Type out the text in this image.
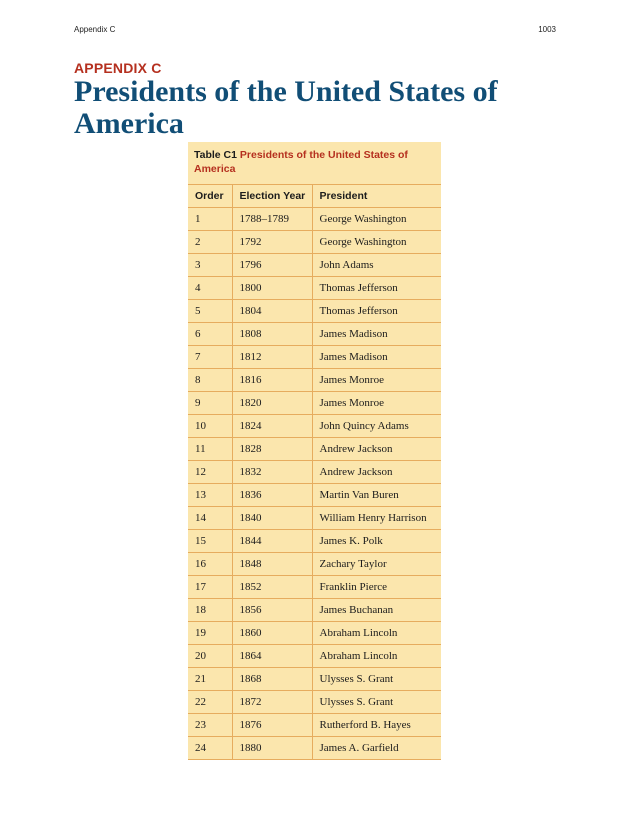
Appendix C	1003
APPENDIX C
Presidents of the United States of America
Table C1 Presidents of the United States of America
Order	Election Year	President
1	1788–1789	George Washington
2	1792	George Washington
3	1796	John Adams
4	1800	Thomas Jefferson
5	1804	Thomas Jefferson
6	1808	James Madison
7	1812	James Madison
8	1816	James Monroe
9	1820	James Monroe
10	1824	John Quincy Adams
11	1828	Andrew Jackson
12	1832	Andrew Jackson
13	1836	Martin Van Buren
14	1840	William Henry Harrison
15	1844	James K. Polk
16	1848	Zachary Taylor
17	1852	Franklin Pierce
18	1856	James Buchanan
19	1860	Abraham Lincoln
20	1864	Abraham Lincoln
21	1868	Ulysses S. Grant
22	1872	Ulysses S. Grant
23	1876	Rutherford B. Hayes
24	1880	James A. Garfield
